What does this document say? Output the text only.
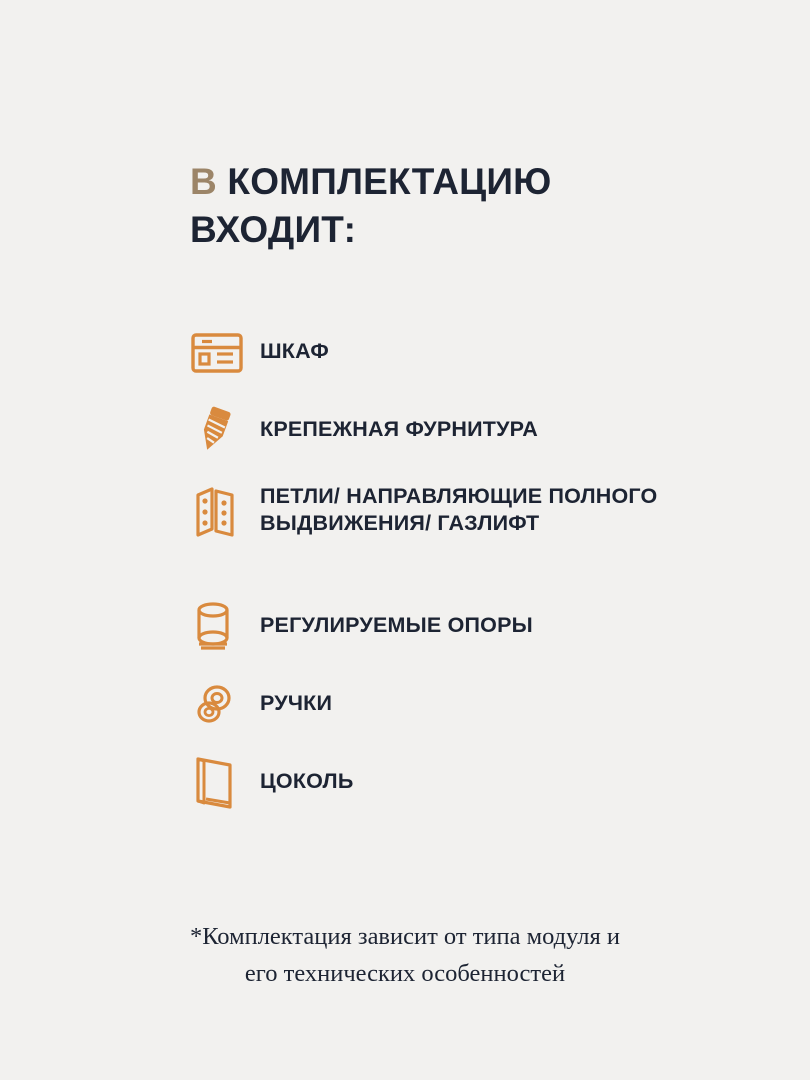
В КОМПЛЕКТАЦИЮ
ВХОДИТ:
ШКАФ
КРЕПЕЖНАЯ ФУРНИТУРА
ПЕТЛИ/ НАПРАВЛЯЮЩИЕ ПОЛНОГО ВЫДВИЖЕНИЯ/ ГАЗЛИФТ
РЕГУЛИРУЕМЫЕ ОПОРЫ
РУЧКИ
ЦОКОЛЬ
*Комплектация зависит от типа модуля и
его технических особенностей
